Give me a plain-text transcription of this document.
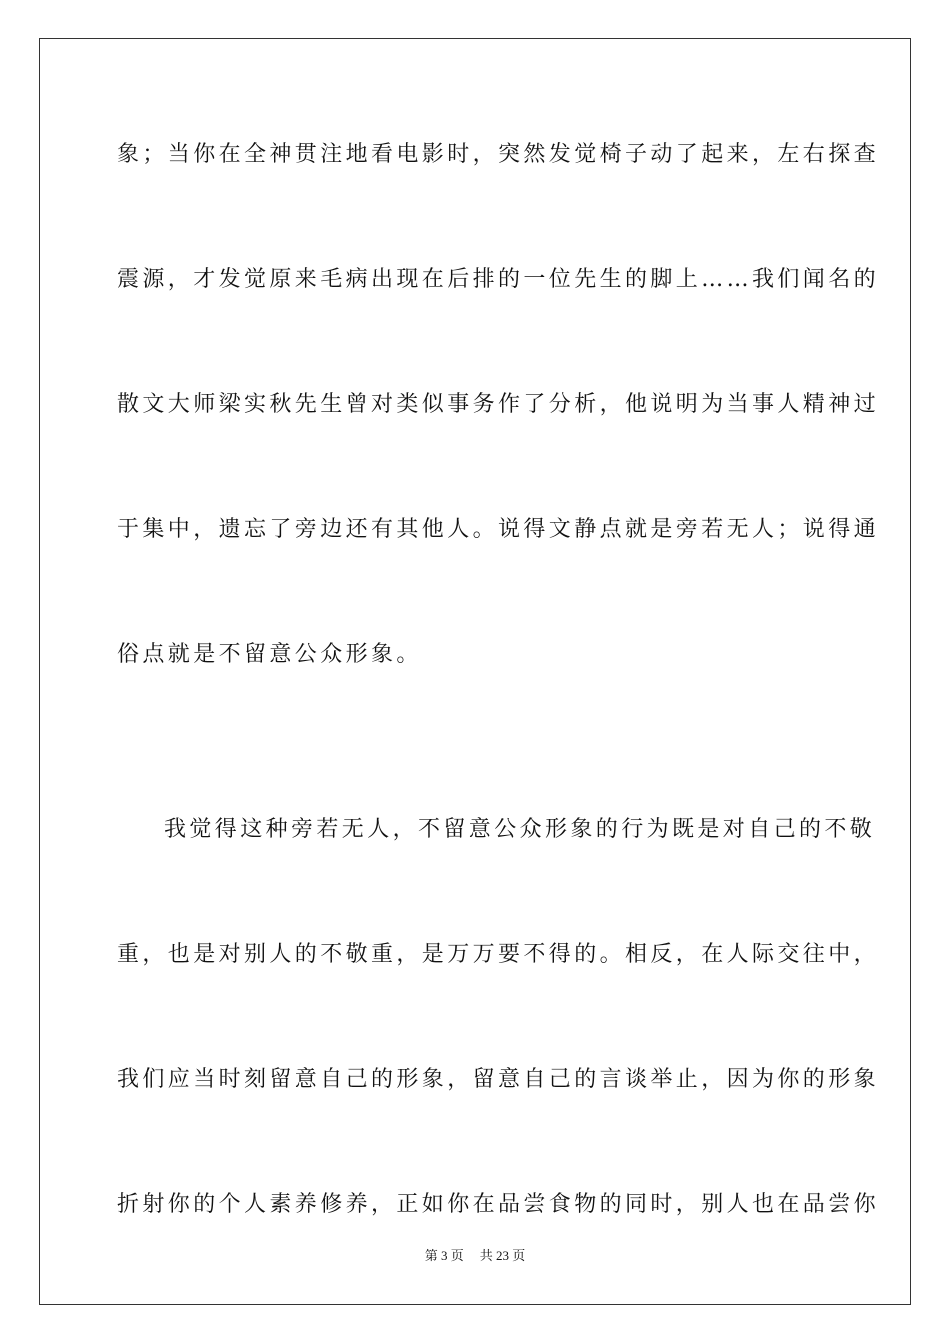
象；当你在全神贯注地看电影时，突然发觉椅子动了起来，左右探查
震源，才发觉原来毛病出现在后排的一位先生的脚上……我们闻名的
散文大师梁实秋先生曾对类似事务作了分析，他说明为当事人精神过
于集中，遗忘了旁边还有其他人。说得文静点就是旁若无人；说得通
俗点就是不留意公众形象。
我觉得这种旁若无人，不留意公众形象的行为既是对自己的不敬
重，也是对别人的不敬重，是万万要不得的。相反，在人际交往中，
我们应当时刻留意自己的形象，留意自己的言谈举止，因为你的形象
折射你的个人素养修养，正如你在品尝食物的同时，别人也在品尝你
第 3 页 共 23 页
